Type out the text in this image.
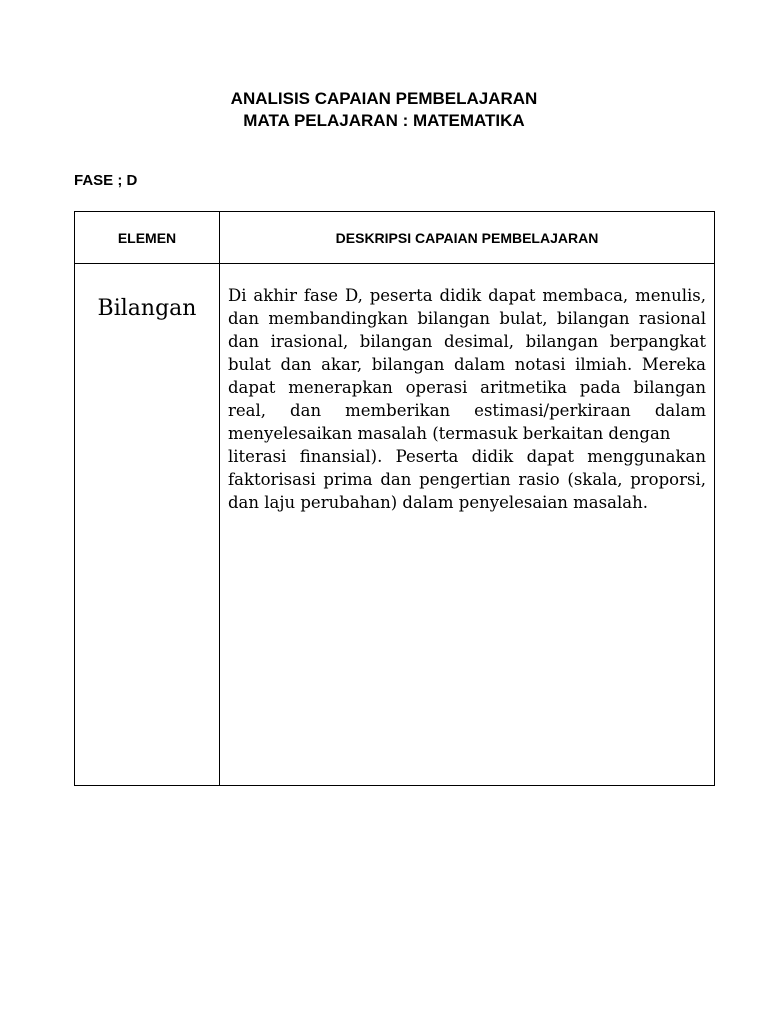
ANALISIS CAPAIAN PEMBELAJARAN
MATA PELAJARAN : MATEMATIKA
FASE ; D
ELEMEN	DESKRIPSI CAPAIAN PEMBELAJARAN
Bilangan	Di akhir fase D, peserta didik dapat membaca, menulis, dan membandingkan bilangan bulat, bilangan rasional dan irasional, bilangan desimal, bilangan berpangkat bulat dan akar, bilangan dalam notasi ilmiah. Mereka dapat menerapkan operasi aritmetika pada bilangan real, dan memberikan estimasi/perkiraan dalam menyelesaikan masalah (termasuk berkaitan dengan

literasi finansial). Peserta didik dapat menggunakan faktorisasi prima dan pengertian rasio (skala, proporsi, dan laju perubahan) dalam penyelesaian masalah.
